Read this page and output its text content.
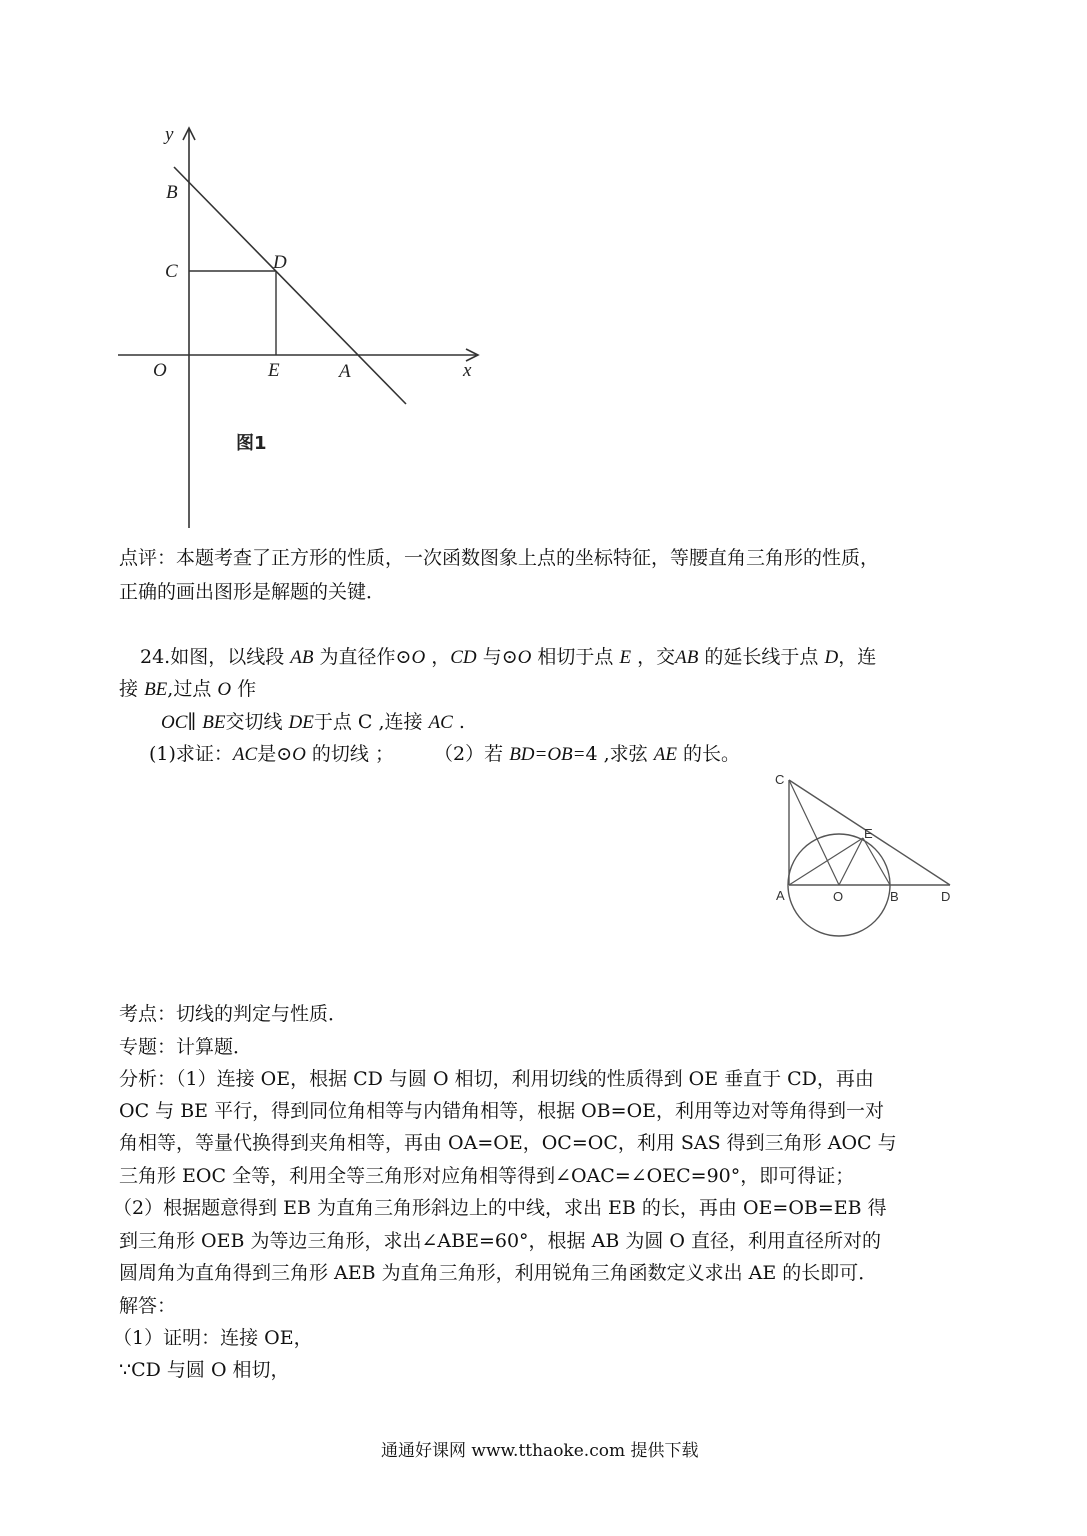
y
B
C	D
O	E	A	x
图1
点评：本题考查了正方形的性质，一次函数图象上点的坐标特征，等腰直角三角形的性质，
正确的画出图形是解题的关键．
24.如图，以线段 AB 为直径作⊙O ，CD 与⊙O 相切于点 E ，交AB 的延长线于点 D，连
接 BE,过点 O 作
OC∥ BE交切线 DE于点 C ,连接 AC .
(1)求证：AC是⊙O 的切线 ； （2）若 BD=OB=4 ,求弦 AE 的长。
C
E
A	O	B	D
考点：切线的判定与性质．
专题：计算题．
分析：（1）连接 OE，根据 CD 与圆 O 相切，利用切线的性质得到 OE 垂直于 CD，再由
OC 与 BE 平行，得到同位角相等与内错角相等，根据 OB=OE，利用等边对等角得到一对
角相等，等量代换得到夹角相等，再由 OA=OE，OC=OC，利用 SAS 得到三角形 AOC 与
三角形 EOC 全等，利用全等三角形对应角相等得到∠OAC=∠OEC=90°，即可得证；
（2）根据题意得到 EB 为直角三角形斜边上的中线，求出 EB 的长，再由 OE=OB=EB 得
到三角形 OEB 为等边三角形，求出∠ABE=60°，根据 AB 为圆 O 直径，利用直径所对的
圆周角为直角得到三角形 AEB 为直角三角形，利用锐角三角函数定义求出 AE 的长即可．
解答：
（1）证明：连接 OE，
∵CD 与圆 O 相切，
通通好课网 www.tthaoke.com 提供下载
